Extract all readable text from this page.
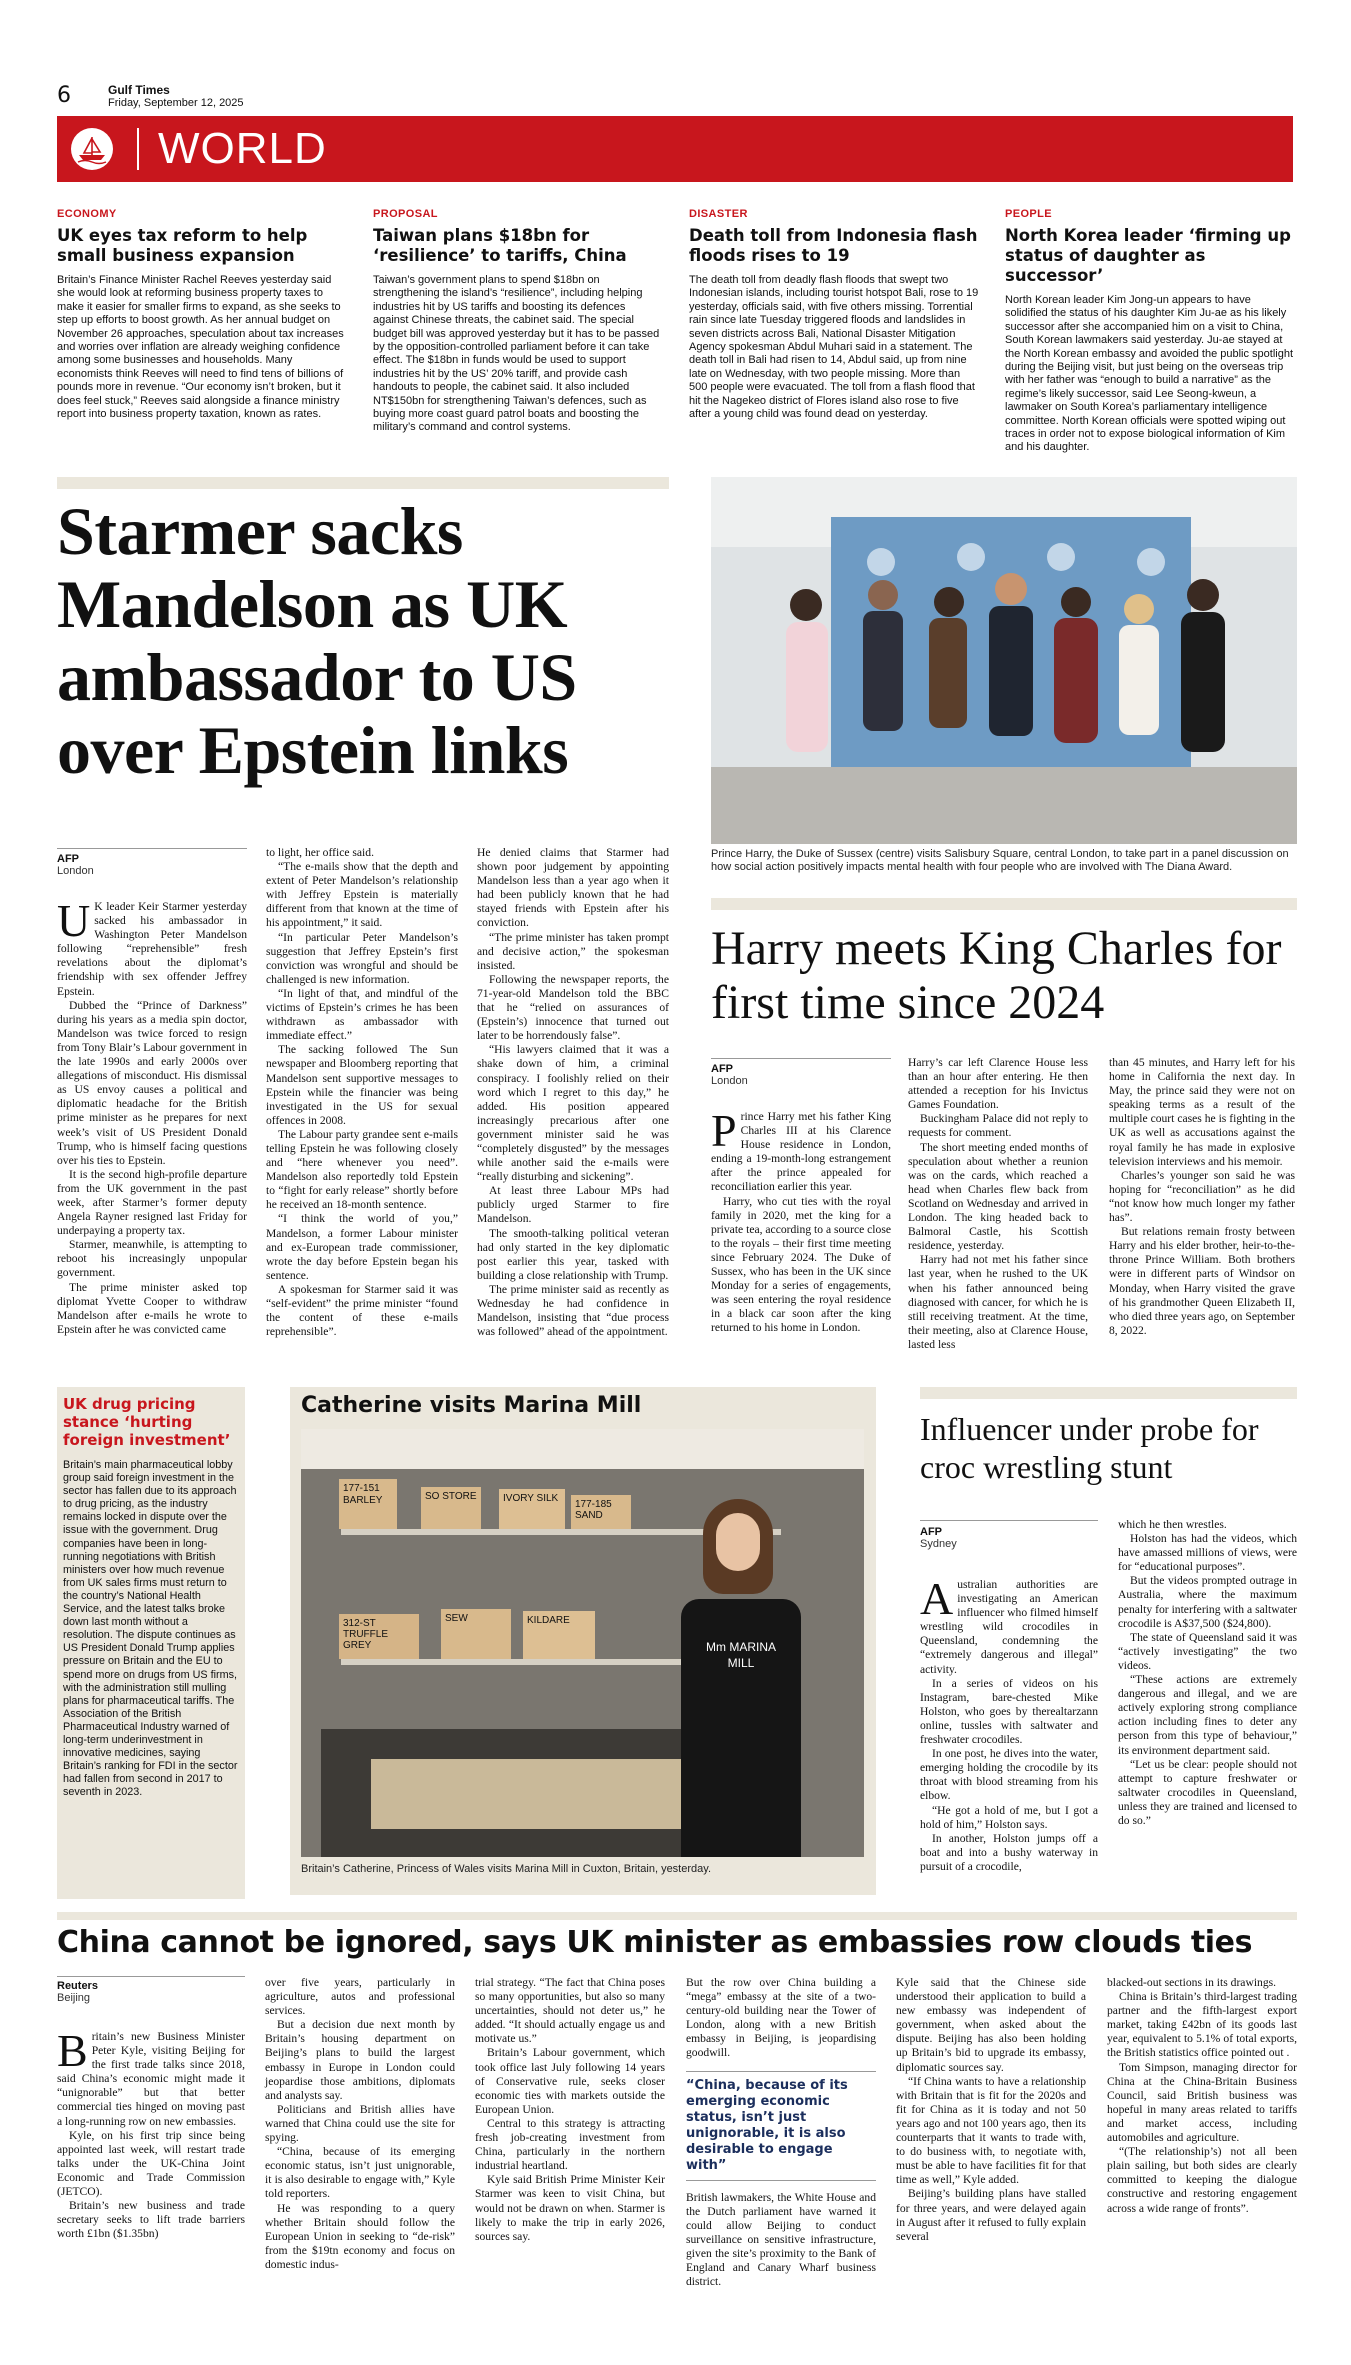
6	Gulf Times
Friday, September 12, 2025
WORLD
ECONOMY
UK eyes tax reform to help small business expansion
Britain’s Finance Minister Rachel Reeves yesterday said she would look at reforming business property taxes to make it easier for smaller firms to expand, as she seeks to step up efforts to boost growth. As her annual budget on November 26 approaches, speculation about tax increases and worries over inflation are already weighing confidence among some businesses and households. Many economists think Reeves will need to find tens of billions of pounds more in revenue. “Our economy isn’t broken, but it does feel stuck,” Reeves said alongside a finance ministry report into business property taxation, known as rates.
PROPOSAL
Taiwan plans $18bn for ‘resilience’ to tariffs, China
Taiwan’s government plans to spend $18bn on strengthening the island’s “resilience”, including helping industries hit by US tariffs and boosting its defences against Chinese threats, the cabinet said. The special budget bill was approved yesterday but it has to be passed by the opposition-controlled parliament before it can take effect. The $18bn in funds would be used to support industries hit by the US’ 20% tariff, and provide cash handouts to people, the cabinet said. It also included NT$150bn for strengthening Taiwan’s defences, such as buying more coast guard patrol boats and boosting the military’s command and control systems.
DISASTER
Death toll from Indonesia flash floods rises to 19
The death toll from deadly flash floods that swept two Indonesian islands, including tourist hotspot Bali, rose to 19 yesterday, officials said, with five others missing. Torrential rain since late Tuesday triggered floods and landslides in seven districts across Bali, National Disaster Mitigation Agency spokesman Abdul Muhari said in a statement. The death toll in Bali had risen to 14, Abdul said, up from nine late on Wednesday, with two people missing. More than 500 people were evacuated. The toll from a flash flood that hit the Nagekeo district of Flores island also rose to five after a young child was found dead on yesterday.
PEOPLE
North Korea leader ‘firming up status of daughter as successor’
North Korean leader Kim Jong-un appears to have solidified the status of his daughter Kim Ju-ae as his likely successor after she accompanied him on a visit to China, South Korean lawmakers said yesterday. Ju-ae stayed at the North Korean embassy and avoided the public spotlight during the Beijing visit, but just being on the overseas trip with her father was “enough to build a narrative” as the regime’s likely successor, said Lee Seong-kweun, a lawmaker on South Korea’s parliamentary intelligence committee. North Korean officials were spotted wiping out traces in order not to expose biological information of Kim and his daughter.
Starmer sacks Mandelson as UK ambassador to US over Epstein links
AFP
London

U K leader Keir Starmer yesterday sacked his ambassador in Washington Peter Mandelson following “reprehensible” fresh revelations about the diplomat’s friendship with sex offender Jeffrey Epstein.

Dubbed the “Prince of Darkness” during his years as a media spin doctor, Mandelson was twice forced to resign from Tony Blair’s Labour government in the late 1990s and early 2000s over allegations of misconduct. His dismissal as US envoy causes a political and diplomatic headache for the British prime minister as he prepares for next week’s visit of US President Donald Trump, who is himself facing questions over his ties to Epstein.

It is the second high-profile departure from the UK government in the past week, after Starmer’s former deputy Angela Rayner resigned last Friday for underpaying a property tax.

Starmer, meanwhile, is attempting to reboot his increasingly unpopular government.

The prime minister asked top diplomat Yvette Cooper to withdraw Mandelson after e-mails he wrote to Epstein after he was convicted came

to light, her office said.

“The e-mails show that the depth and extent of Peter Mandelson’s relationship with Jeffrey Epstein is materially different from that known at the time of his appointment,” it said.

“In particular Peter Mandelson’s suggestion that Jeffrey Epstein’s first conviction was wrongful and should be challenged is new information.

“In light of that, and mindful of the victims of Epstein’s crimes he has been withdrawn as ambassador with immediate effect.”

The sacking followed The Sun newspaper and Bloomberg reporting that Mandelson sent supportive messages to Epstein while the financier was being investigated in the US for sexual offences in 2008.

The Labour party grandee sent e-mails telling Epstein he was following closely and “here whenever you need”. Mandelson also reportedly told Epstein to “fight for early release” shortly before he received an 18-month sentence.

“I think the world of you,” Mandelson, a former Labour minister and ex-European trade commissioner, wrote the day before Epstein began his sentence.

A spokesman for Starmer said it was “self-evident” the prime minister “found the content of these e-mails reprehensible”.

He denied claims that Starmer had shown poor judgement by appointing Mandelson less than a year ago when it had been publicly known that he had stayed friends with Epstein after his conviction.

“The prime minister has taken prompt and decisive action,” the spokesman insisted.

Following the newspaper reports, the 71-year-old Mandelson told the BBC that he “relied on assurances of (Epstein’s) innocence that turned out later to be horrendously false”.

“His lawyers claimed that it was a shake down of him, a criminal conspiracy. I foolishly relied on their word which I regret to this day,” he added. His position appeared increasingly precarious after one government minister said he was “completely disgusted” by the messages while another said the e-mails were “really disturbing and sickening”.

At least three Labour MPs had publicly urged Starmer to fire Mandelson.

The smooth-talking political veteran had only started in the key diplomatic post earlier this year, tasked with building a close relationship with Trump.

The prime minister said as recently as Wednesday he had confidence in Mandelson, insisting that “due process was followed” ahead of the appointment.

Prince Harry, the Duke of Sussex (centre) visits Salisbury Square, central London, to take part in a panel discussion on how social action positively impacts mental health with four people who are involved with The Diana Award.
Harry meets King Charles for first time since 2024
AFP
London

Prince Harry met his father King Charles III at his Clarence House residence in London, ending a 19-month-long estrangement after the prince appealed for reconciliation earlier this year.

Harry, who cut ties with the royal family in 2020, met the king for a private tea, according to a source close to the royals – their first time meeting since February 2024. The Duke of Sussex, who has been in the UK since Monday for a series of engagements, was seen entering the royal residence in a black car soon after the king returned to his home in London.

Harry’s car left Clarence House less than an hour after entering. He then attended a reception for his Invictus Games Foundation.

Buckingham Palace did not reply to requests for comment.

The short meeting ended months of speculation about whether a reunion was on the cards, which reached a head when Charles flew back from Scotland on Wednesday and arrived in London. The king headed back to Balmoral Castle, his Scottish residence, yesterday.

Harry had not met his father since last year, when he rushed to the UK when his father announced being diagnosed with cancer, for which he is still receiving treatment. At the time, their meeting, also at Clarence House, lasted less

than 45 minutes, and Harry left for his home in California the next day. In May, the prince said they were not on speaking terms as a result of the multiple court cases he is fighting in the UK as well as accusations against the royal family he has made in explosive television interviews and his memoir.

Charles’s younger son said he was hoping for “reconciliation” as he did “not know how much longer my father has”.

But relations remain frosty between Harry and his elder brother, heir-to-the-throne Prince William. Both brothers were in different parts of Windsor on Monday, when Harry visited the grave of his grandmother Queen Elizabeth II, who died three years ago, on September 8, 2022.

UK drug pricing stance ‘hurting foreign investment’
Britain’s main pharmaceutical lobby group said foreign investment in the sector has fallen due to its approach to drug pricing, as the industry remains locked in dispute over the issue with the government. Drug companies have been in long-running negotiations with British ministers over how much revenue from UK sales firms must return to the country’s National Health Service, and the latest talks broke down last month without a resolution. The dispute continues as US President Donald Trump applies pressure on Britain and the EU to spend more on drugs from US firms, with the administration still mulling plans for pharmaceutical tariffs. The Association of the British Pharmaceutical Industry warned of long-term underinvestment in innovative medicines, saying Britain’s ranking for FDI in the sector had fallen from second in 2017 to seventh in 2023.
Catherine visits Marina Mill
177-151 BARLEY	SO STORE	IVORY SILK
177-185 SAND
312-ST TRUFFLE GREY
SEW	KILDARE
Mm MARINA MILL
Britain’s Catherine, Princess of Wales visits Marina Mill in Cuxton, Britain, yesterday.
Influencer under probe for croc wrestling stunt
AFP
Sydney

Australian authorities are investigating an American influencer who filmed himself wrestling wild crocodiles in Queensland, condemning the “extremely dangerous and illegal” activity.

In a series of videos on his Instagram, bare-chested Mike Holston, who goes by therealtarzann online, tussles with saltwater and freshwater crocodiles.

In one post, he dives into the water, emerging holding the crocodile by its throat with blood streaming from his elbow.

“He got a hold of me, but I got a hold of him,” Holston says.

In another, Holston jumps off a boat and into a bushy waterway in pursuit of a crocodile,

which he then wrestles.

Holston has had the videos, which have amassed millions of views, were for “educational purposes”.

But the videos prompted outrage in Australia, where the maximum penalty for interfering with a saltwater crocodile is A$37,500 ($24,800).

The state of Queensland said it was “actively investigating” the two videos.

“These actions are extremely dangerous and illegal, and we are actively exploring strong compliance action including fines to deter any person from this type of behaviour,” its environment department said.

“Let us be clear: people should not attempt to capture freshwater or saltwater crocodiles in Queensland, unless they are trained and licensed to do so.”

China cannot be ignored, says UK minister as embassies row clouds ties
Reuters
Beijing

Britain’s new Business Minister Peter Kyle, visiting Beijing for the first trade talks since 2018, said China’s economic might made it “unignorable” but that better commercial ties hinged on moving past a long-running row on new embassies.

Kyle, on his first trip since being appointed last week, will restart trade talks under the UK-China Joint Economic and Trade Commission (JETCO).

Britain’s new business and trade secretary seeks to lift trade barriers worth £1bn ($1.35bn)

over five years, particularly in agriculture, autos and professional services.

But a decision due next month by Britain’s housing department on Beijing’s plans to build the largest embassy in Europe in London could jeopardise those ambitions, diplomats and analysts say.

Politicians and British allies have warned that China could use the site for spying.

“China, because of its emerging economic status, isn’t just unignorable, it is also desirable to engage with,” Kyle told reporters.

He was responding to a query whether Britain should follow the European Union in seeking to “de-risk” from the $19tn economy and focus on domestic indus-

trial strategy. “The fact that China poses so many opportunities, but also so many uncertainties, should not deter us,” he added. “It should actually engage us and motivate us.”

Britain’s Labour government, which took office last July following 14 years of Conservative rule, seeks closer economic ties with markets outside the European Union.

Central to this strategy is attracting fresh job-creating investment from China, particularly in the northern industrial heartland.

Kyle said British Prime Minister Keir Starmer was keen to visit China, but would not be drawn on when. Starmer is likely to make the trip in early 2026, sources say.

But the row over China building a “mega” embassy at the site of a two-century-old building near the Tower of London, along with a new British embassy in Beijing, is jeopardising goodwill.

“China, because of its emerging economic status, isn’t just unignorable, it is also desirable to engage with”

British lawmakers, the White House and the Dutch parliament have warned it could allow Beijing to conduct surveillance on sensitive infrastructure, given the site’s proximity to the Bank of England and Canary Wharf business district.

Kyle said that the Chinese side understood their application to build a new embassy was independent of government, when asked about the dispute. Beijing has also been holding up Britain’s bid to upgrade its embassy, diplomatic sources say.

“If China wants to have a relationship with Britain that is fit for the 2020s and fit for China as it is today and not 50 years ago and not 100 years ago, then its counterparts that it wants to trade with, to do business with, to negotiate with, must be able to have facilities fit for that time as well,” Kyle added.

Beijing’s building plans have stalled for three years, and were delayed again in August after it refused to fully explain several

blacked-out sections in its drawings.

China is Britain’s third-largest trading partner and the fifth-largest export market, taking £42bn of its goods last year, equivalent to 5.1% of total exports, the British statistics office pointed out .

Tom Simpson, managing director for China at the China-Britain Business Council, said British business was hopeful in many areas related to tariffs and market access, including automobiles and agriculture.

“(The relationship’s) not all been plain sailing, but both sides are clearly committed to keeping the dialogue constructive and restoring engagement across a wide range of fronts”.
